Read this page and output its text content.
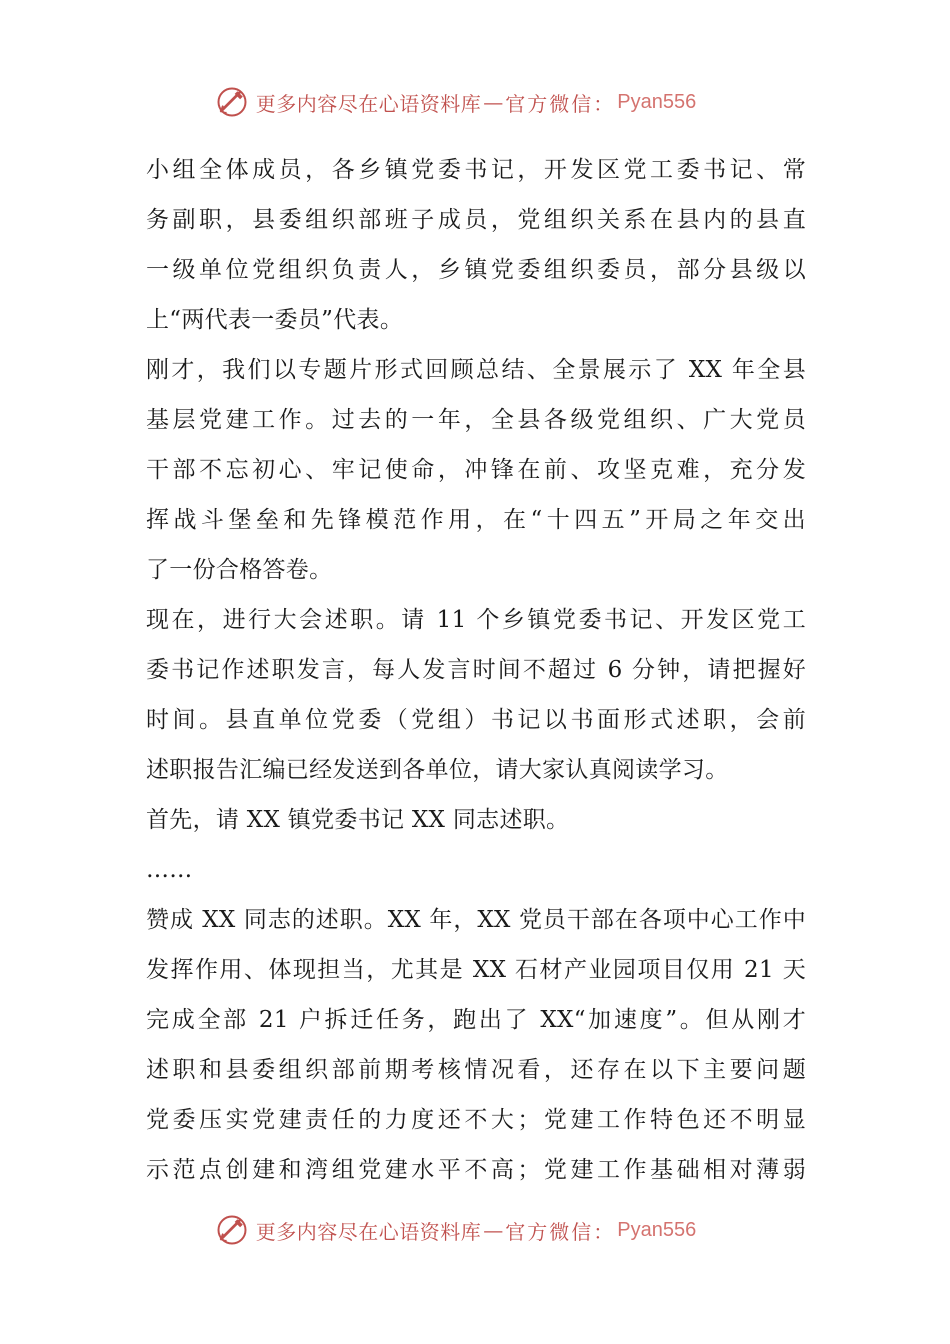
更多内容尽在心语资料库 — 官方微信： Pyan556
小组全体成员，各乡镇党委书记，开发区党工委书记、常
务副职，县委组织部班子成员，党组织关系在县内的县直
一级单位党组织负责人，乡镇党委组织委员，部分县级以
上“两代表一委员”代表。
刚才，我们以专题片形式回顾总结、全景展示了 XX 年全县
基层党建工作。过去的一年，全县各级党组织、广大党员
干部不忘初心、牢记使命，冲锋在前、攻坚克难，充分发
挥战斗堡垒和先锋模范作用，在“十四五”开局之年交出
了一份合格答卷。
现在，进行大会述职。请 11 个乡镇党委书记、开发区党工
委书记作述职发言，每人发言时间不超过 6 分钟，请把握好
时间。县直单位党委（党组）书记以书面形式述职，会前
述职报告汇编已经发送到各单位，请大家认真阅读学习。
首先，请 XX 镇党委书记 XX 同志述职。
……
赞成 XX 同志的述职。XX 年，XX 党员干部在各项中心工作中
发挥作用、体现担当，尤其是 XX 石材产业园项目仅用 21 天
完成全部 21 户拆迁任务，跑出了 XX“加速度”。但从刚才
述职和县委组织部前期考核情况看，还存在以下主要问题
党委压实党建责任的力度还不大；党建工作特色还不明显
示范点创建和湾组党建水平不高；党建工作基础相对薄弱
更多内容尽在心语资料库 — 官方微信： Pyan556
